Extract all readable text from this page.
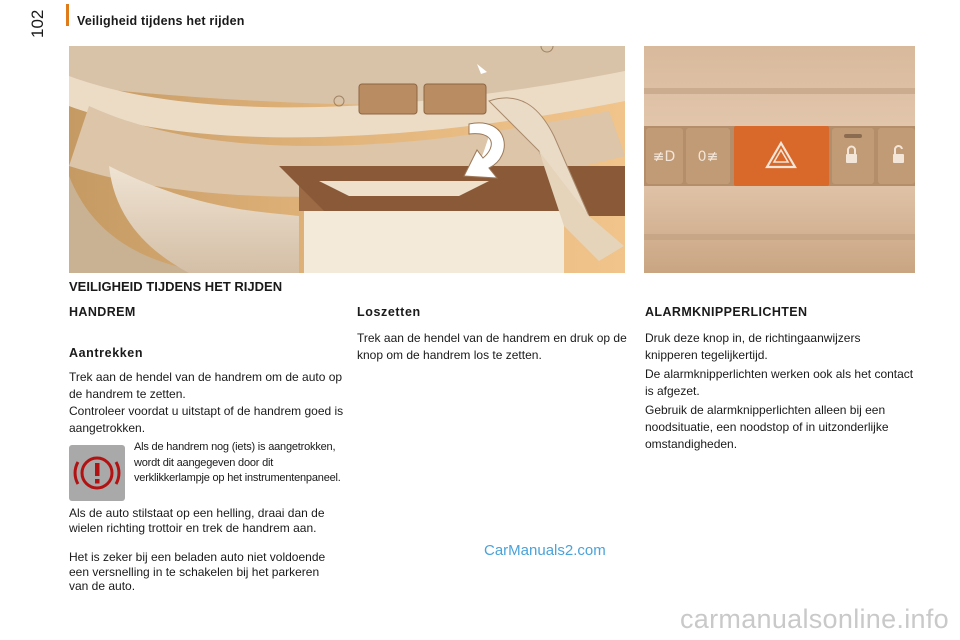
Veiligheid tijdens het rijden
102
≢D 0≢
VEILIGHEID TIJDENS HET RIJDEN
HANDREM
Aantrekken
Trek aan de hendel van de handrem om de auto op de handrem te zetten.
Controleer voordat u uitstapt of de handrem goed is aangetrokken.
Als de handrem nog (iets) is aangetrokken, wordt dit aangegeven door dit verklikkerlampje op het instrumentenpaneel.
Als de auto stilstaat op een helling, draai dan de wielen richting trottoir en trek de handrem aan.
Het is zeker bij een beladen auto niet voldoende een versnelling in te schakelen bij het parkeren van de auto.
Loszetten
Trek aan de hendel van de handrem en druk op de knop om de handrem los te zetten.
ALARMKNIPPERLICHTEN
Druk deze knop in, de richtingaanwijzers knipperen tegelijkertijd.
De alarmknipperlichten werken ook als het contact is afgezet.
Gebruik de alarmknipperlichten alleen bij een noodsituatie, een noodstop of in uitzonderlijke omstandigheden.
CarManuals2.com
carmanualsonline.info
